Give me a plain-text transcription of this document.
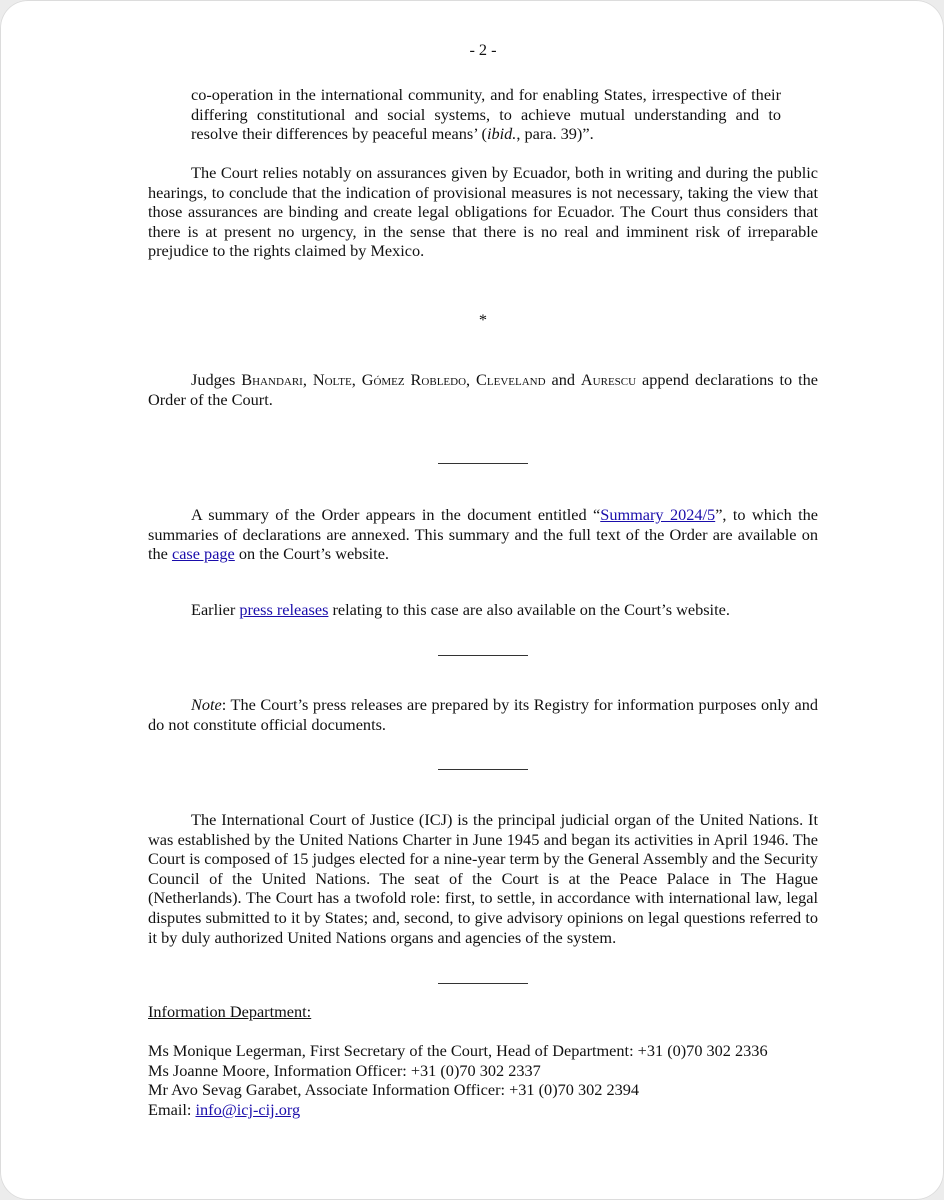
- 2 -

co-operation in the international community, and for enabling States, irrespective of their differing constitutional and social systems, to achieve mutual understanding and to resolve their differences by peaceful means’ (ibid., para. 39)”.

The Court relies notably on assurances given by Ecuador, both in writing and during the public hearings, to conclude that the indication of provisional measures is not necessary, taking the view that those assurances are binding and create legal obligations for Ecuador. The Court thus considers that there is at present no urgency, in the sense that there is no real and imminent risk of irreparable prejudice to the rights claimed by Mexico.

*

Judges Bhandari, Nolte, Gómez Robledo, Cleveland and Aurescu append declarations to the Order of the Court.

A summary of the Order appears in the document entitled “Summary 2024/5”, to which the summaries of declarations are annexed. This summary and the full text of the Order are available on the case page on the Court’s website.

Earlier press releases relating to this case are also available on the Court’s website.

Note: The Court’s press releases are prepared by its Registry for information purposes only and do not constitute official documents.

The International Court of Justice (ICJ) is the principal judicial organ of the United Nations. It was established by the United Nations Charter in June 1945 and began its activities in April 1946. The Court is composed of 15 judges elected for a nine-year term by the General Assembly and the Security Council of the United Nations. The seat of the Court is at the Peace Palace in The Hague (Netherlands). The Court has a twofold role: first, to settle, in accordance with international law, legal disputes submitted to it by States; and, second, to give advisory opinions on legal questions referred to it by duly authorized United Nations organs and agencies of the system.

Information Department:

Ms Monique Legerman, First Secretary of the Court, Head of Department: +31 (0)70 302 2336

Ms Joanne Moore, Information Officer: +31 (0)70 302 2337

Mr Avo Sevag Garabet, Associate Information Officer: +31 (0)70 302 2394

Email: info@icj-cij.org
